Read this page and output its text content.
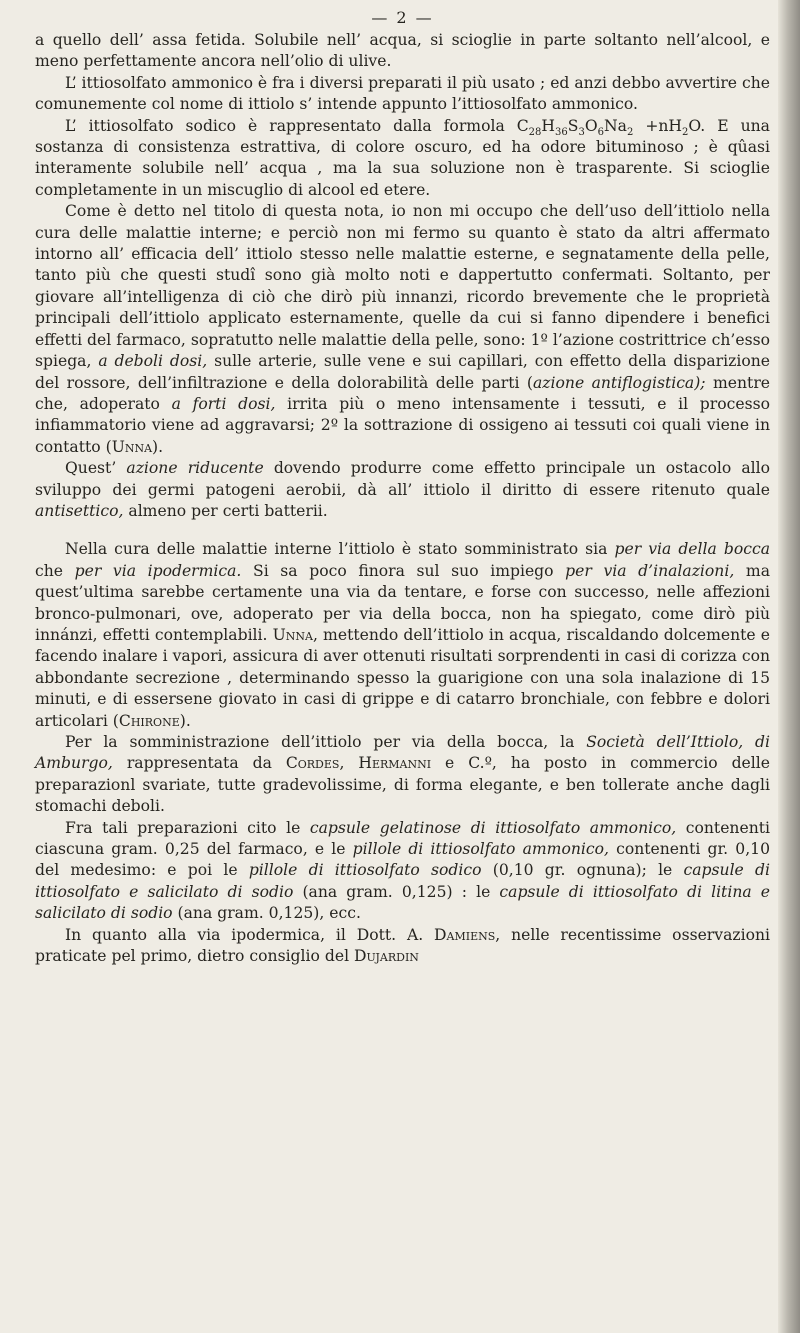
— 2 —

a quello dell’ assa fetida. Solubile nell’ acqua, si scioglie in parte soltanto nell’alcool, e meno perfettamente ancora nell’olio di ulive.

L’ ittiosolfato ammonico è fra i diversi preparati il più usato ; ed anzi debbo avvertire che comunemente col nome di ittiolo s’ intende appunto l’ittiosolfato ammonico.

L’ ittiosolfato sodico è rappresentato dalla formola $C_{28}H_{36}S_3O_6Na_2 +nH_2O$. E una sostanza di consistenza estrattiva, di colore oscuro, ed ha odore bituminoso ; è qûasi interamente solubile nell’ acqua , ma la sua soluzione non è trasparente. Si scioglie completamente in un miscuglio di alcool ed etere.

Come è detto nel titolo di questa nota, io non mi occupo che dell’uso dell’ittiolo nella cura delle malattie interne; e perciò non mi fermo su quanto è stato da altri affermato intorno all’ efficacia dell’ ittiolo stesso nelle malattie esterne, e segnatamente della pelle, tanto più che questi studî sono già molto noti e dappertutto confermati. Soltanto, per giovare all’intelligenza di ciò che dirò più innanzi, ricordo brevemente che le proprietà principali dell’ittiolo applicato esternamente, quelle da cui si fanno dipendere i benefici effetti del farmaco, sopratutto nelle malattie della pelle, sono: 1º l’azione costrittrice ch’esso spiega, a deboli dosi, sulle arterie, sulle vene e sui capillari, con effetto della disparizione del rossore, dell’infiltrazione e della dolorabilità delle parti (azione antiflogistica); mentre che, adoperato a forti dosi, irrita più o meno intensamente i tessuti, e il processo infiammatorio viene ad aggravarsi; 2º la sottrazione di ossigeno ai tessuti coi quali viene in contatto (Unna).

Quest’ azione riducente dovendo produrre come effetto principale un ostacolo allo sviluppo dei germi patogeni aerobii, dà all’ ittiolo il diritto di essere ritenuto quale antisettico, almeno per certi batterii.

Nella cura delle malattie interne l’ittiolo è stato somministrato sia per via della bocca che per via ipodermica. Si sa poco finora sul suo impiego per via d’inalazioni, ma quest’ultima sarebbe certamente una via da tentare, e forse con successo, nelle affezioni bronco-pulmonari, ove, adoperato per via della bocca, non ha spiegato, come dirò più innánzi, effetti contemplabili. Unna, mettendo dell’ittiolo in acqua, riscaldando dolcemente e facendo inalare i vapori, assicura di aver ottenuti risultati sorprendenti in casi di corizza con abbondante secrezione , determinando spesso la guarigione con una sola inalazione di 15 minuti, e di essersene giovato in casi di grippe e di catarro bronchiale, con febbre e dolori articolari (Chirone).

Per la somministrazione dell’ittiolo per via della bocca, la Società dell’Ittiolo, di Amburgo, rappresentata da Cordes, Hermanni e C.º, ha posto in commercio delle preparazionl svariate, tutte gradevolissime, di forma elegante, e ben tollerate anche dagli stomachi deboli.

Fra tali preparazioni cito le capsule gelatinose di ittiosolfato ammonico, contenenti ciascuna gram. 0,25 del farmaco, e le pillole di ittiosolfato ammonico, contenenti gr. 0,10 del medesimo: e poi le pillole di ittiosolfato sodico (0,10 gr. ognuna); le capsule di ittiosolfato e salicilato di sodio (ana gram. 0,125) : le capsule di ittiosolfato di litina e salicilato di sodio (ana gram. 0,125), ecc.

In quanto alla via ipodermica, il Dott. A. Damiens, nelle recentissime osservazioni praticate pel primo, dietro consiglio del Dujardin
